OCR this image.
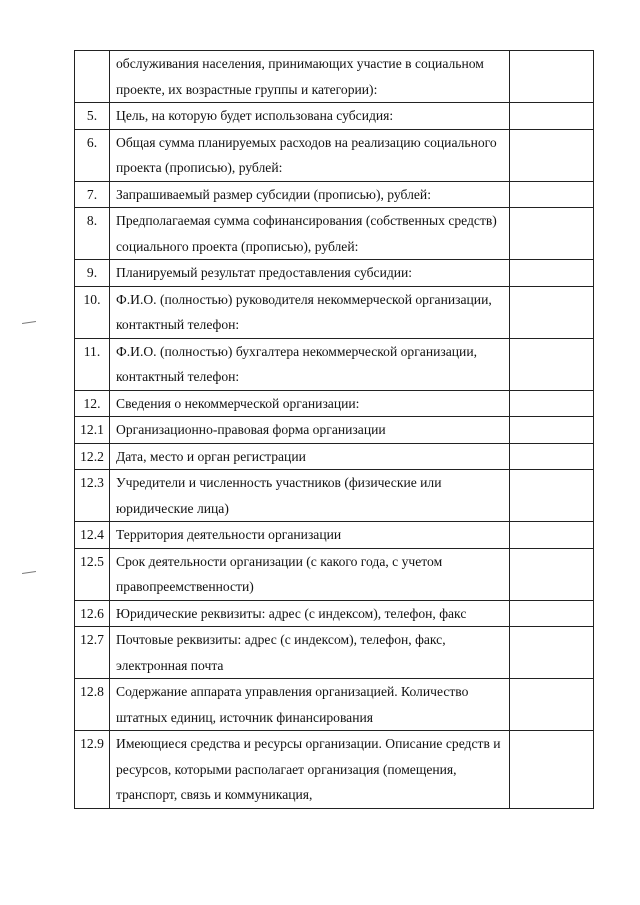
	обслуживания населения, принимающих участие в социальном проекте, их возрастные группы и категории):	
5.	Цель, на которую будет использована субсидия:	
6.	Общая сумма планируемых расходов на реализацию социального проекта (прописью), рублей:	
7.	Запрашиваемый размер субсидии (прописью), рублей:	
8.	Предполагаемая сумма софинансирования (собственных средств) социального проекта (прописью), рублей:	
9.	Планируемый результат предоставления субсидии:	
10.	Ф.И.О. (полностью) руководителя некоммерческой организации, контактный телефон:	
11.	Ф.И.О. (полностью) бухгалтера некоммерческой организации, контактный телефон:	
12.	Сведения о некоммерческой организации:	
12.1	Организационно-правовая форма организации	
12.2	Дата, место и орган регистрации	
12.3	Учредители и численность участников (физические или юридические лица)	
12.4	Территория деятельности организации	
12.5	Срок деятельности организации (с какого года, с учетом правопреемственности)	
12.6	Юридические реквизиты: адрес (с индексом), телефон, факс	
12.7	Почтовые реквизиты: адрес (с индексом), телефон, факс, электронная почта	
12.8	Содержание аппарата управления организацией. Количество штатных единиц, источник финансирования	
12.9	Имеющиеся средства и ресурсы организации. Описание средств и ресурсов, которыми располагает организация (помещения, транспорт, связь и коммуникация,	
